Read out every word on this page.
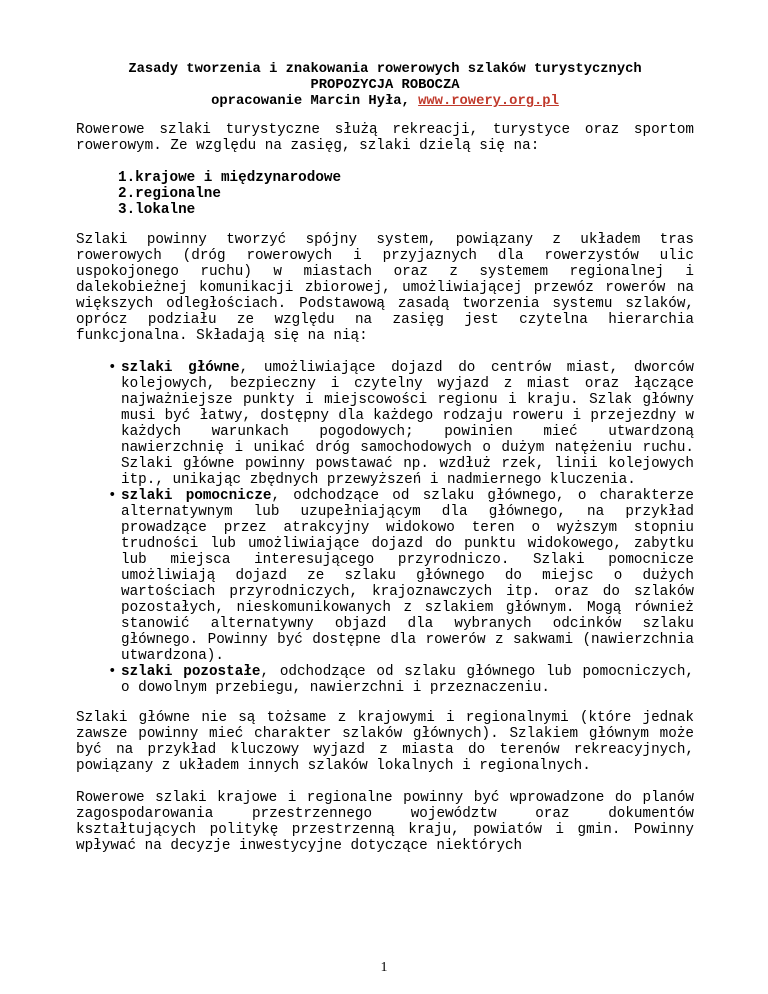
Zasady tworzenia i znakowania rowerowych szlaków turystycznych
PROPOZYCJA ROBOCZA
opracowanie Marcin Hyła, www.rowery.org.pl

Rowerowe szlaki turystyczne służą rekreacji, turystyce oraz sportom rowerowym. Ze względu na zasięg, szlaki dzielą się na:

1.krajowe i międzynarodowe
2.regionalne
3.lokalne

Szlaki powinny tworzyć spójny system, powiązany z układem tras rowerowych (dróg rowerowych i przyjaznych dla rowerzystów ulic uspokojonego ruchu) w miastach oraz z systemem regionalnej i dalekobieżnej komunikacji zbiorowej, umożliwiającej przewóz rowerów na większych odległościach. Podstawową zasadą tworzenia systemu szlaków, oprócz podziału ze względu na zasięg jest czytelna hierarchia funkcjonalna. Składają się na nią:

• szlaki główne, umożliwiające dojazd do centrów miast, dworców kolejowych, bezpieczny i czytelny wyjazd z miast oraz łączące najważniejsze punkty i miejscowości regionu i kraju. Szlak główny musi być łatwy, dostępny dla każdego rodzaju roweru i przejezdny w każdych warunkach pogodowych; powinien mieć utwardzoną nawierzchnię i unikać dróg samochodowych o dużym natężeniu ruchu. Szlaki główne powinny powstawać np. wzdłuż rzek, linii kolejowych itp., unikając zbędnych przewyższeń i nadmiernego kluczenia.
• szlaki pomocnicze, odchodzące od szlaku głównego, o charakterze alternatywnym lub uzupełniającym dla głównego, na przykład prowadzące przez atrakcyjny widokowo teren o wyższym stopniu trudności lub umożliwiające dojazd do punktu widokowego, zabytku lub miejsca interesującego przyrodniczo. Szlaki pomocnicze umożliwiają dojazd ze szlaku głównego do miejsc o dużych wartościach przyrodniczych, krajoznawczych itp. oraz do szlaków pozostałych, nieskomunikowanych z szlakiem głównym. Mogą również stanowić alternatywny objazd dla wybranych odcinków szlaku głównego. Powinny być dostępne dla rowerów z sakwami (nawierzchnia utwardzona).
• szlaki pozostałe, odchodzące od szlaku głównego lub pomocniczych, o dowolnym przebiegu, nawierzchni i przeznaczeniu.

Szlaki główne nie są tożsame z krajowymi i regionalnymi (które jednak zawsze powinny mieć charakter szlaków głównych). Szlakiem głównym może być na przykład kluczowy wyjazd z miasta do terenów rekreacyjnych, powiązany z układem innych szlaków lokalnych i regionalnych.

Rowerowe szlaki krajowe i regionalne powinny być wprowadzone do planów zagospodarowania przestrzennego województw oraz dokumentów kształtujących politykę przestrzenną kraju, powiatów i gmin. Powinny wpływać na decyzje inwestycyjne dotyczące niektórych

1
